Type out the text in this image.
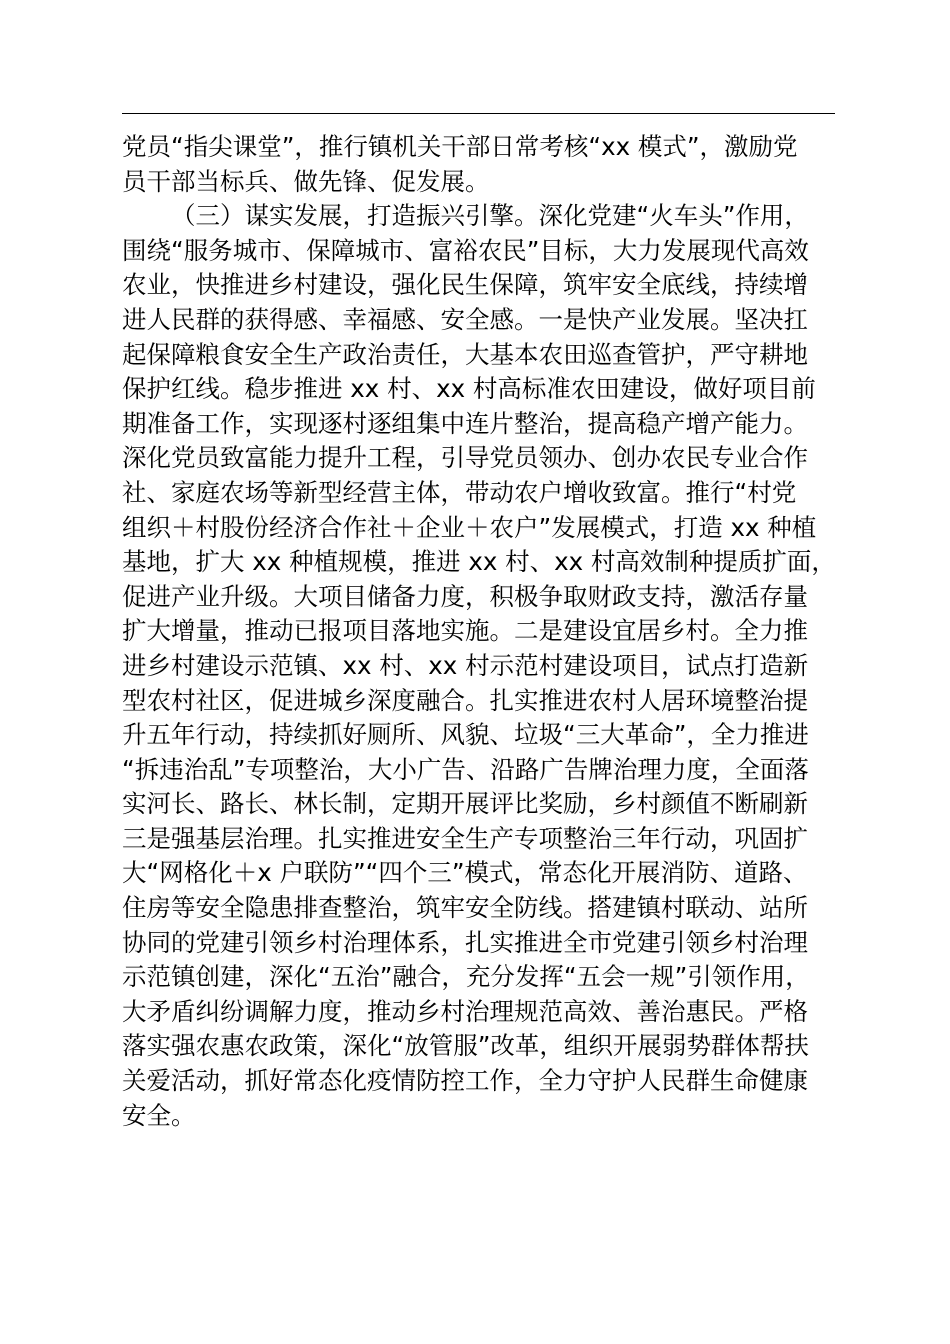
党员“指尖课堂”，推行镇机关干部日常考核“xx 模式”，激励党
员干部当标兵、做先锋、促发展。
（三）谋实发展，打造振兴引擎。深化党建“火车头”作用，
围绕“服务城市、保障城市、富裕农民”目标，大力发展现代高效
农业，快推进乡村建设，强化民生保障，筑牢安全底线，持续增
进人民群的获得感、幸福感、安全感。一是快产业发展。坚决扛
起保障粮食安全生产政治责任，大基本农田巡查管护，严守耕地
保护红线。稳步推进 xx 村、xx 村高标准农田建设，做好项目前
期准备工作，实现逐村逐组集中连片整治，提高稳产增产能力。
深化党员致富能力提升工程，引导党员领办、创办农民专业合作
社、家庭农场等新型经营主体，带动农户增收致富。推行“村党
组织＋村股份经济合作社＋企业＋农户”发展模式，打造 xx 种植
基地，扩大 xx 种植规模，推进 xx 村、xx 村高效制种提质扩面，
促进产业升级。大项目储备力度，积极争取财政支持，激活存量
扩大增量，推动已报项目落地实施。二是建设宜居乡村。全力推
进乡村建设示范镇、xx 村、xx 村示范村建设项目，试点打造新
型农村社区，促进城乡深度融合。扎实推进农村人居环境整治提
升五年行动，持续抓好厕所、风貌、垃圾“三大革命”，全力推进
“拆违治乱”专项整治，大小广告、沿路广告牌治理力度，全面落
实河长、路长、林长制，定期开展评比奖励，乡村颜值不断刷新
三是强基层治理。扎实推进安全生产专项整治三年行动，巩固扩
大“网格化＋x 户联防”“四个三”模式，常态化开展消防、道路、
住房等安全隐患排查整治，筑牢安全防线。搭建镇村联动、站所
协同的党建引领乡村治理体系，扎实推进全市党建引领乡村治理
示范镇创建，深化“五治”融合，充分发挥“五会一规”引领作用，
大矛盾纠纷调解力度，推动乡村治理规范高效、善治惠民。严格
落实强农惠农政策，深化“放管服”改革，组织开展弱势群体帮扶
关爱活动，抓好常态化疫情防控工作，全力守护人民群生命健康
安全。
